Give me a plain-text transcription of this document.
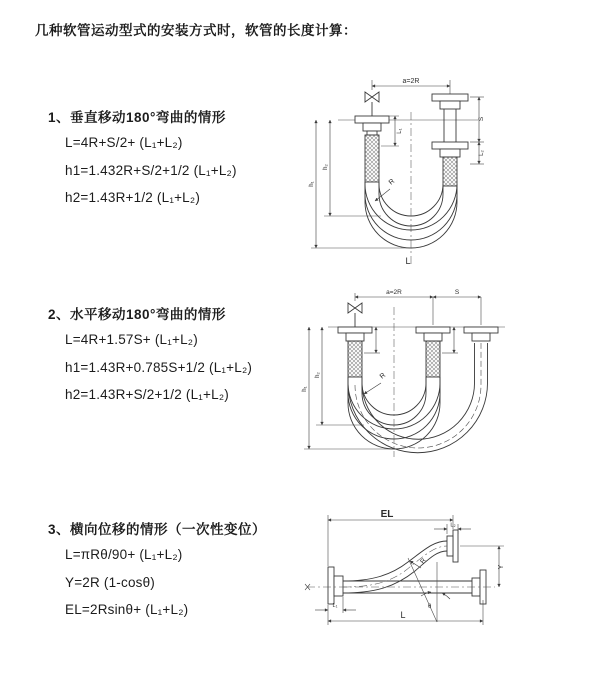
几种软管运动型式的安装方式时，软管的长度计算：
1、垂直移动180°弯曲的情形
L=4R+S/2+ (L₁+L₂)
h1=1.432R+S/2+1/2 (L₁+L₂)
h2=1.43R+1/2 (L₁+L₂)
2、水平移动180°弯曲的情形
L=4R+1.57S+ (L₁+L₂)
h1=1.43R+0.785S+1/2 (L₁+L₂)
h2=1.43R+S/2+1/2 (L₁+L₂)
3、横向位移的情形（一次性变位）
L=πRθ/90+ (L₁+L₂)
Y=2R (1-cosθ)
EL=2Rsinθ+ (L₁+L₂)
a=2R
L₁
S
L₂
h₂
h₁	R
L
a=2R	S
h₂
h₁
R
EL
L₂
Y
R
θ
L₁
L
